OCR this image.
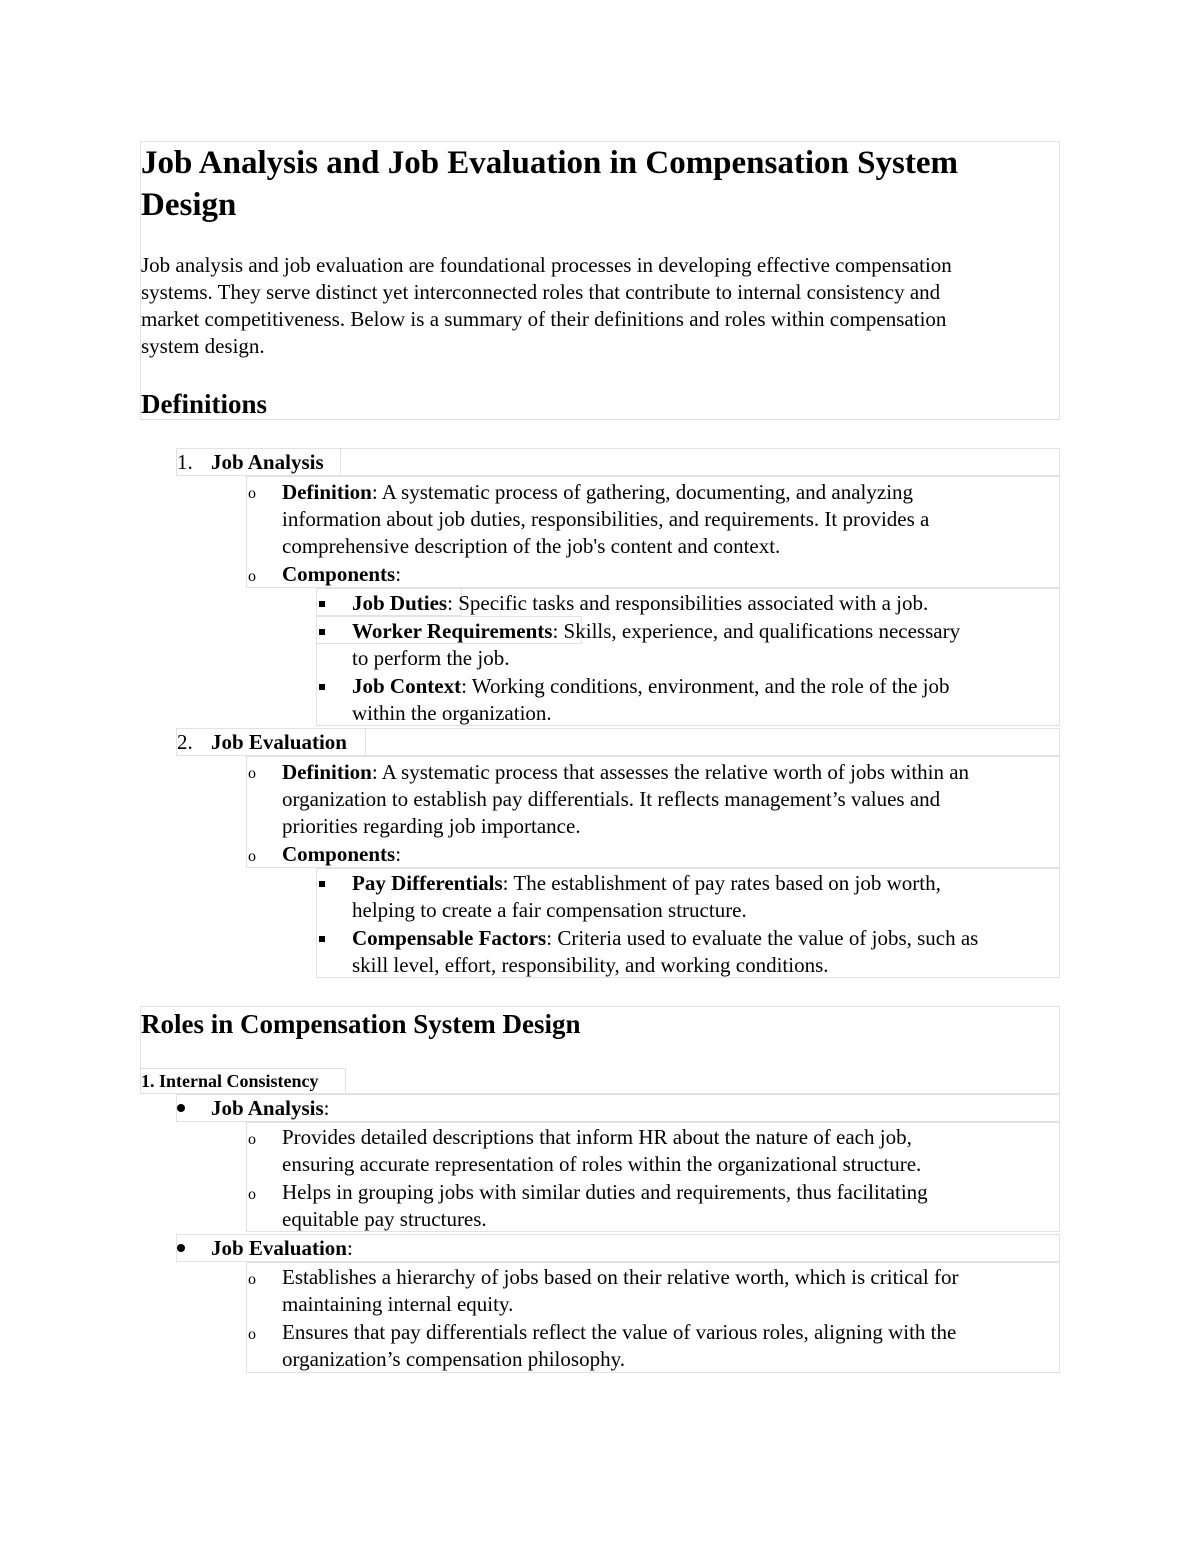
Job Analysis and Job Evaluation in Compensation System
Design
Job analysis and job evaluation are foundational processes in developing effective compensation
systems. They serve distinct yet interconnected roles that contribute to internal consistency and
market competitiveness. Below is a summary of their definitions and roles within compensation
system design.
Definitions
1. Job Analysis
o Definition: A systematic process of gathering, documenting, and analyzing
information about job duties, responsibilities, and requirements. It provides a
comprehensive description of the job's content and context.
o Components:
Job Duties: Specific tasks and responsibilities associated with a job.
Worker Requirements: Skills, experience, and qualifications necessary
to perform the job.
Job Context: Working conditions, environment, and the role of the job
within the organization.
2. Job Evaluation
o Definition: A systematic process that assesses the relative worth of jobs within an
organization to establish pay differentials. It reflects management’s values and
priorities regarding job importance.
o Components:
Pay Differentials: The establishment of pay rates based on job worth,
helping to create a fair compensation structure.
Compensable Factors: Criteria used to evaluate the value of jobs, such as
skill level, effort, responsibility, and working conditions.
Roles in Compensation System Design
1. Internal Consistency
Job Analysis:
o Provides detailed descriptions that inform HR about the nature of each job,
ensuring accurate representation of roles within the organizational structure.
o Helps in grouping jobs with similar duties and requirements, thus facilitating
equitable pay structures.
Job Evaluation:
o Establishes a hierarchy of jobs based on their relative worth, which is critical for
maintaining internal equity.
o Ensures that pay differentials reflect the value of various roles, aligning with the
organization’s compensation philosophy.
